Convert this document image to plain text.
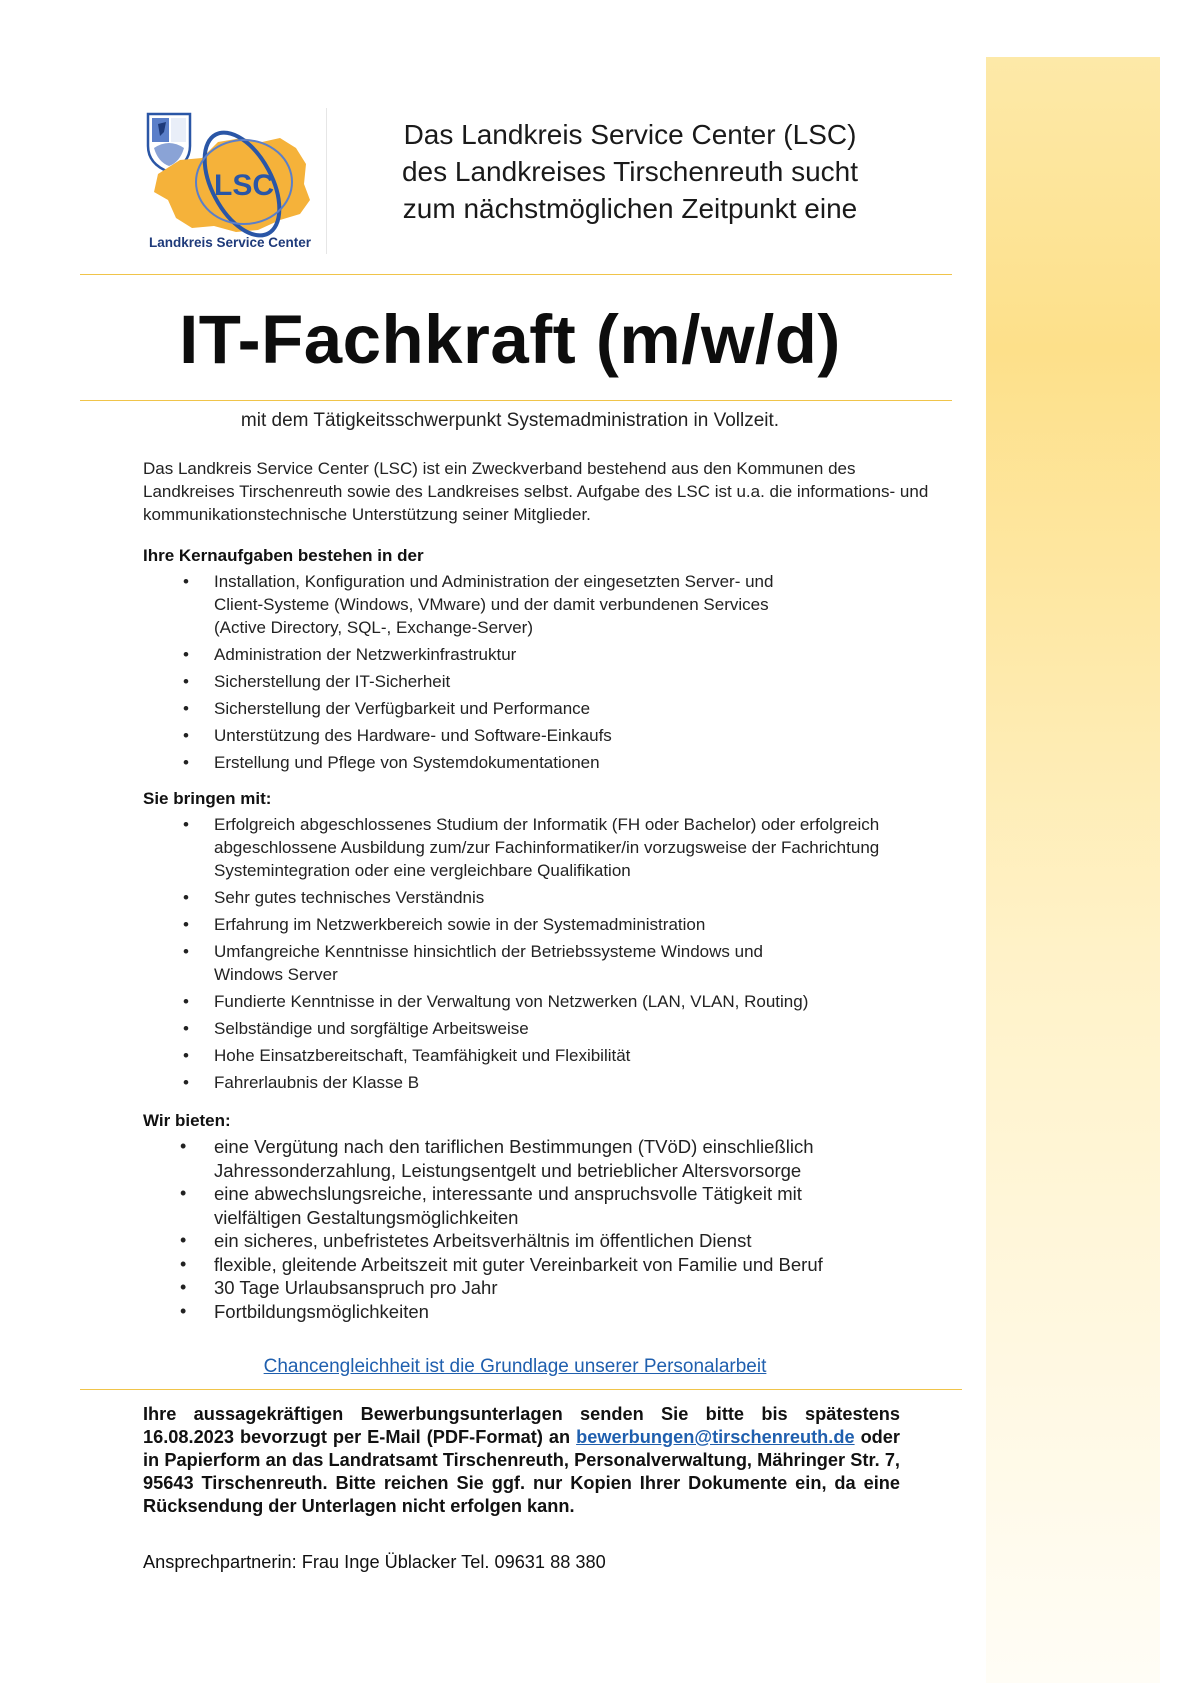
LSC
Landkreis Service Center
Das Landkreis Service Center (LSC)
des Landkreises Tirschenreuth sucht
zum nächstmöglichen Zeitpunkt eine
IT-Fachkraft (m/w/d)
mit dem Tätigkeitsschwerpunkt Systemadministration in Vollzeit.
Das Landkreis Service Center (LSC) ist ein Zweckverband bestehend aus den Kommunen des Landkreises Tirschenreuth sowie des Landkreises selbst. Aufgabe des LSC ist u.a. die informations- und kommunikationstechnische Unterstützung seiner Mitglieder.
Ihre Kernaufgaben bestehen in der
• Installation, Konfiguration und Administration der eingesetzten Server- und Client-Systeme (Windows, VMware) und der damit verbundenen Services (Active Directory, SQL-, Exchange-Server)
• Administration der Netzwerkinfrastruktur
• Sicherstellung der IT-Sicherheit
• Sicherstellung der Verfügbarkeit und Performance
• Unterstützung des Hardware- und Software-Einkaufs
• Erstellung und Pflege von Systemdokumentationen
Sie bringen mit:
• Erfolgreich abgeschlossenes Studium der Informatik (FH oder Bachelor) oder erfolgreich abgeschlossene Ausbildung zum/zur Fachinformatiker/in vorzugsweise der Fachrichtung Systemintegration oder eine vergleichbare Qualifikation
• Sehr gutes technisches Verständnis
• Erfahrung im Netzwerkbereich sowie in der Systemadministration
• Umfangreiche Kenntnisse hinsichtlich der Betriebssysteme Windows und Windows Server
• Fundierte Kenntnisse in der Verwaltung von Netzwerken (LAN, VLAN, Routing)
• Selbständige und sorgfältige Arbeitsweise
• Hohe Einsatzbereitschaft, Teamfähigkeit und Flexibilität
• Fahrerlaubnis der Klasse B
Wir bieten:
• eine Vergütung nach den tariflichen Bestimmungen (TVöD) einschließlich Jahressonderzahlung, Leistungsentgelt und betrieblicher Altersvorsorge
• eine abwechslungsreiche, interessante und anspruchsvolle Tätigkeit mit vielfältigen Gestaltungsmöglichkeiten
• ein sicheres, unbefristetes Arbeitsverhältnis im öffentlichen Dienst
• flexible, gleitende Arbeitszeit mit guter Vereinbarkeit von Familie und Beruf
• 30 Tage Urlaubsanspruch pro Jahr
• Fortbildungsmöglichkeiten
Chancengleichheit ist die Grundlage unserer Personalarbeit
Ihre aussagekräftigen Bewerbungsunterlagen senden Sie bitte bis spätestens 16.08.2023 bevorzugt per E-Mail (PDF-Format) an bewerbungen@tirschenreuth.de oder in Papierform an das Landratsamt Tirschenreuth, Personalverwaltung, Mähringer Str. 7, 95643 Tirschenreuth. Bitte reichen Sie ggf. nur Kopien Ihrer Dokumente ein, da eine Rücksendung der Unterlagen nicht erfolgen kann.
Ansprechpartnerin: Frau Inge Üblacker Tel. 09631 88 380
